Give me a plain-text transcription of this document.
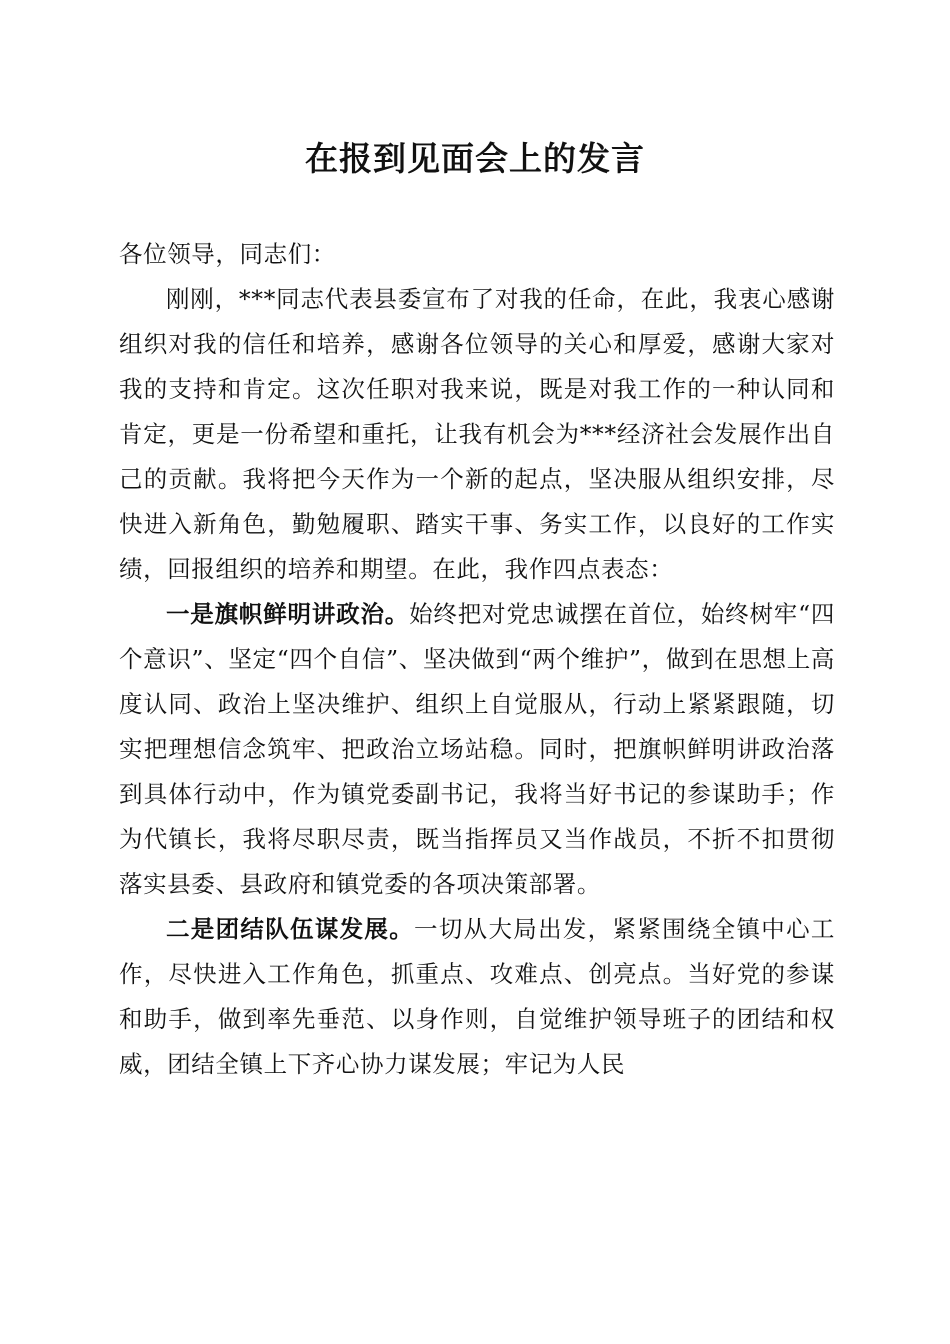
在报到见面会上的发言

各位领导，同志们：

刚刚，***同志代表县委宣布了对我的任命，在此，我衷心感谢组织对我的信任和培养，感谢各位领导的关心和厚爱，感谢大家对我的支持和肯定。这次任职对我来说，既是对我工作的一种认同和肯定，更是一份希望和重托，让我有机会为***经济社会发展作出自己的贡献。我将把今天作为一个新的起点，坚决服从组织安排，尽快进入新角色，勤勉履职、踏实干事、务实工作，以良好的工作实绩，回报组织的培养和期望。在此，我作四点表态：

一是旗帜鲜明讲政治。始终把对党忠诚摆在首位，始终树牢“四个意识”、坚定“四个自信”、坚决做到“两个维护”，做到在思想上高度认同、政治上坚决维护、组织上自觉服从，行动上紧紧跟随，切实把理想信念筑牢、把政治立场站稳。同时，把旗帜鲜明讲政治落到具体行动中，作为镇党委副书记，我将当好书记的参谋助手；作为代镇长，我将尽职尽责，既当指挥员又当作战员，不折不扣贯彻落实县委、县政府和镇党委的各项决策部署。

二是团结队伍谋发展。一切从大局出发，紧紧围绕全镇中心工作，尽快进入工作角色，抓重点、攻难点、创亮点。当好党的参谋和助手，做到率先垂范、以身作则，自觉维护领导班子的团结和权威，团结全镇上下齐心协力谋发展；牢记为人民
